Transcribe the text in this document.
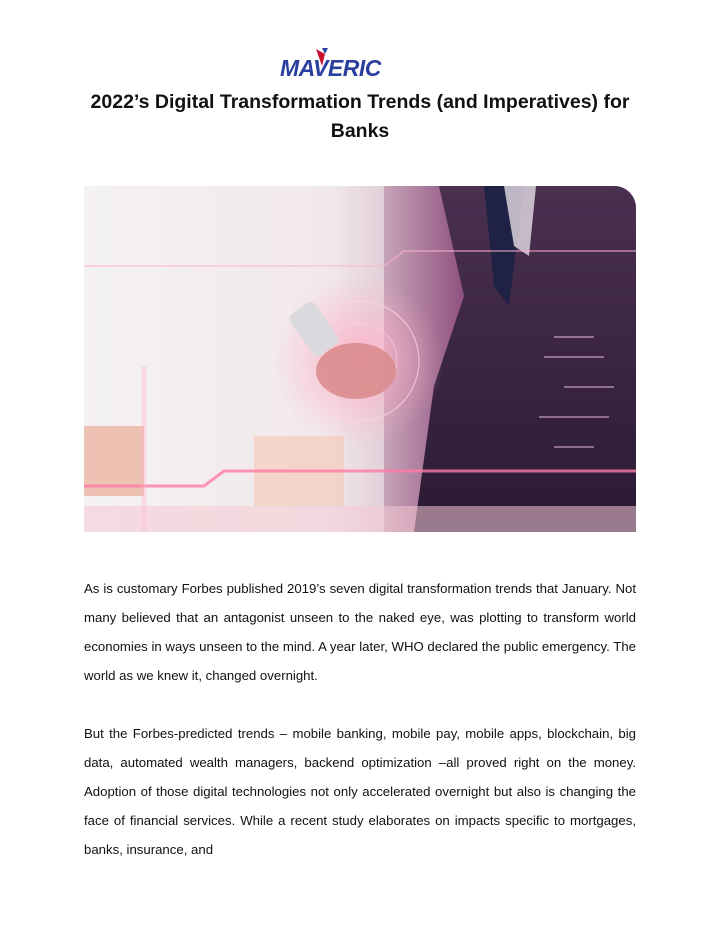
MAVERIC
2022’s Digital Transformation Trends (and Imperatives) for Banks

As is customary Forbes published 2019’s seven digital transformation trends that January. Not many believed that an antagonist unseen to the naked eye, was plotting to transform world economies in ways unseen to the mind. A year later, WHO declared the public emergency. The world as we knew it, changed overnight.

But the Forbes-predicted trends – mobile banking, mobile pay, mobile apps, blockchain, big data, automated wealth managers, backend optimization –all proved right on the money. Adoption of those digital technologies not only accelerated overnight but also is changing the face of financial services. While a recent study elaborates on impacts specific to mortgages, banks, insurance, and
